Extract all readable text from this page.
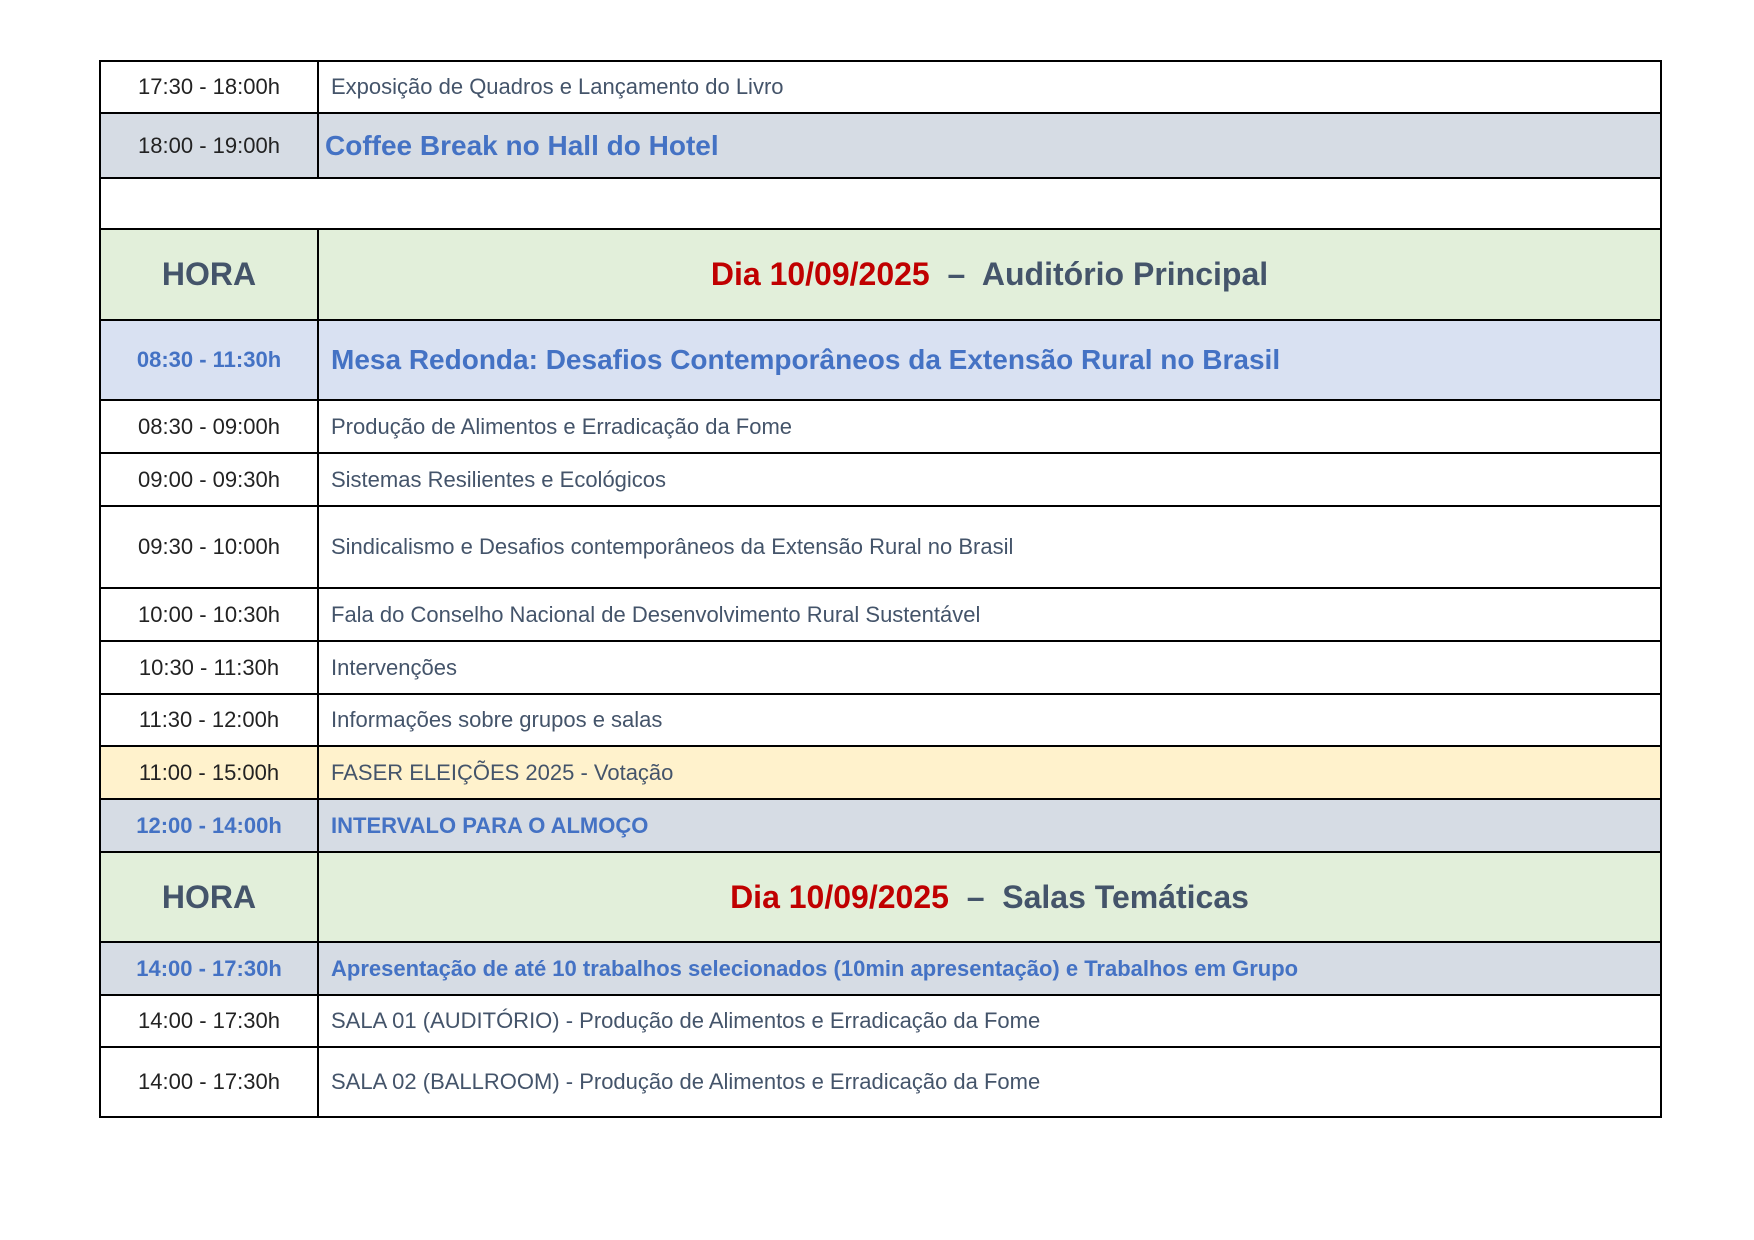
17:30 - 18:00h	Exposição de Quadros e Lançamento do Livro
18:00 - 19:00h	Coffee Break no Hall do Hotel

HORA	Dia 10/09/2025 – Auditório Principal
08:30 - 11:30h	Mesa Redonda: Desafios Contemporâneos da Extensão Rural no Brasil
08:30 - 09:00h	Produção de Alimentos e Erradicação da Fome
09:00 - 09:30h	Sistemas Resilientes e Ecológicos
09:30 - 10:00h	Sindicalismo e Desafios contemporâneos da Extensão Rural no Brasil
10:00 - 10:30h	Fala do Conselho Nacional de Desenvolvimento Rural Sustentável
10:30 - 11:30h	Intervenções
11:30 - 12:00h	Informações sobre grupos e salas
11:00 - 15:00h	FASER ELEIÇÕES 2025 - Votação
12:00 - 14:00h	INTERVALO PARA O ALMOÇO
HORA	Dia 10/09/2025 – Salas Temáticas
14:00 - 17:30h	Apresentação de até 10 trabalhos selecionados (10min apresentação) e Trabalhos em Grupo
14:00 - 17:30h	SALA 01 (AUDITÓRIO) - Produção de Alimentos e Erradicação da Fome
14:00 - 17:30h	SALA 02 (BALLROOM) - Produção de Alimentos e Erradicação da Fome
